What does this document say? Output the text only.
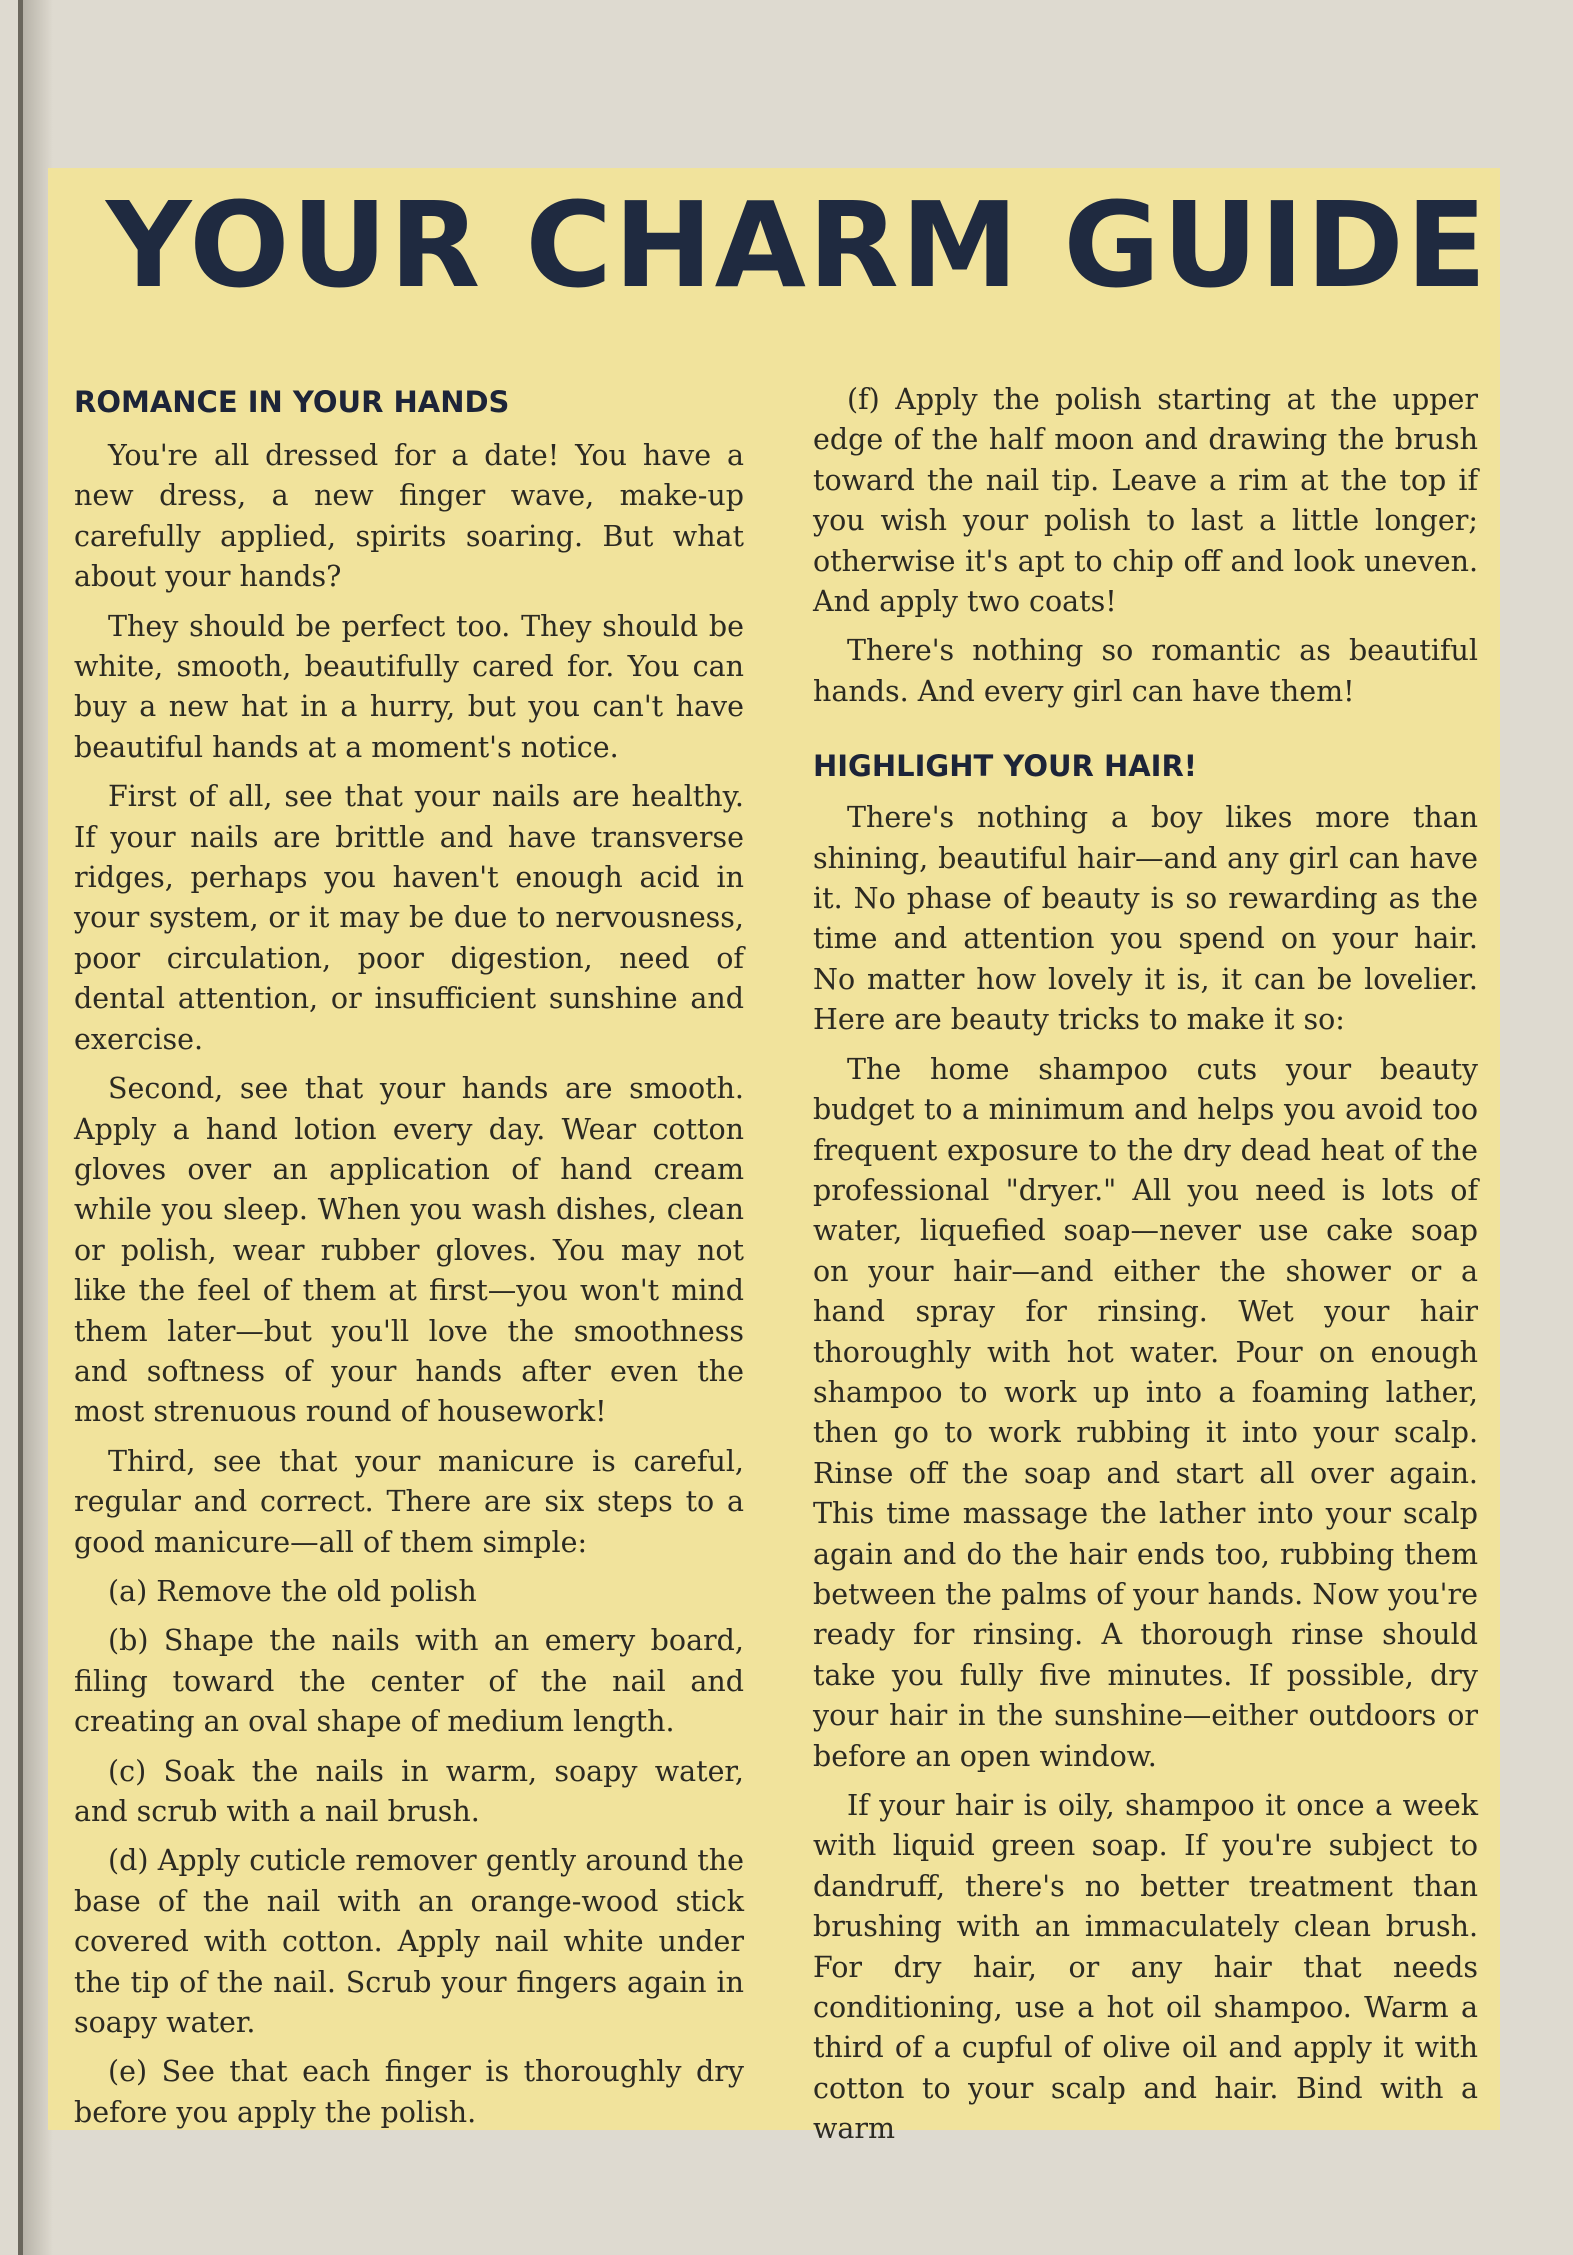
YOUR CHARM GUIDE
ROMANCE IN YOUR HANDS

You're all dressed for a date! You have a new dress, a new finger wave, make-up carefully applied, spirits soaring. But what about your hands?

They should be perfect too. They should be white, smooth, beautifully cared for. You can buy a new hat in a hurry, but you can't have beautiful hands at a moment's notice.

First of all, see that your nails are healthy. If your nails are brittle and have transverse ridges, perhaps you haven't enough acid in your system, or it may be due to nervousness, poor circulation, poor digestion, need of dental attention, or insufficient sunshine and exercise.

Second, see that your hands are smooth. Apply a hand lotion every day. Wear cotton gloves over an application of hand cream while you sleep. When you wash dishes, clean or polish, wear rubber gloves. You may not like the feel of them at first—you won't mind them later—but you'll love the smoothness and softness of your hands after even the most strenuous round of housework!

Third, see that your manicure is careful, regular and correct. There are six steps to a good manicure—all of them simple:

(a) Remove the old polish

(b) Shape the nails with an emery board, filing toward the center of the nail and creating an oval shape of medium length.

(c) Soak the nails in warm, soapy water, and scrub with a nail brush.

(d) Apply cuticle remover gently around the base of the nail with an orange-wood stick covered with cotton. Apply nail white under the tip of the nail. Scrub your fingers again in soapy water.

(e) See that each finger is thoroughly dry before you apply the polish.

(f) Apply the polish starting at the upper edge of the half moon and drawing the brush toward the nail tip. Leave a rim at the top if you wish your polish to last a little longer; otherwise it's apt to chip off and look uneven. And apply two coats!

There's nothing so romantic as beautiful hands. And every girl can have them!

HIGHLIGHT YOUR HAIR!

There's nothing a boy likes more than shining, beautiful hair—and any girl can have it. No phase of beauty is so rewarding as the time and attention you spend on your hair. No matter how lovely it is, it can be lovelier. Here are beauty tricks to make it so:

The home shampoo cuts your beauty budget to a minimum and helps you avoid too frequent exposure to the dry dead heat of the professional "dryer." All you need is lots of water, liquefied soap—never use cake soap on your hair—and either the shower or a hand spray for rinsing. Wet your hair thoroughly with hot water. Pour on enough shampoo to work up into a foaming lather, then go to work rubbing it into your scalp. Rinse off the soap and start all over again. This time massage the lather into your scalp again and do the hair ends too, rubbing them between the palms of your hands. Now you're ready for rinsing. A thorough rinse should take you fully five minutes. If possible, dry your hair in the sunshine—either outdoors or before an open window.

If your hair is oily, shampoo it once a week with liquid green soap. If you're subject to dandruff, there's no better treatment than brushing with an immaculately clean brush. For dry hair, or any hair that needs conditioning, use a hot oil shampoo. Warm a third of a cupful of olive oil and apply it with cotton to your scalp and hair. Bind with a warm
